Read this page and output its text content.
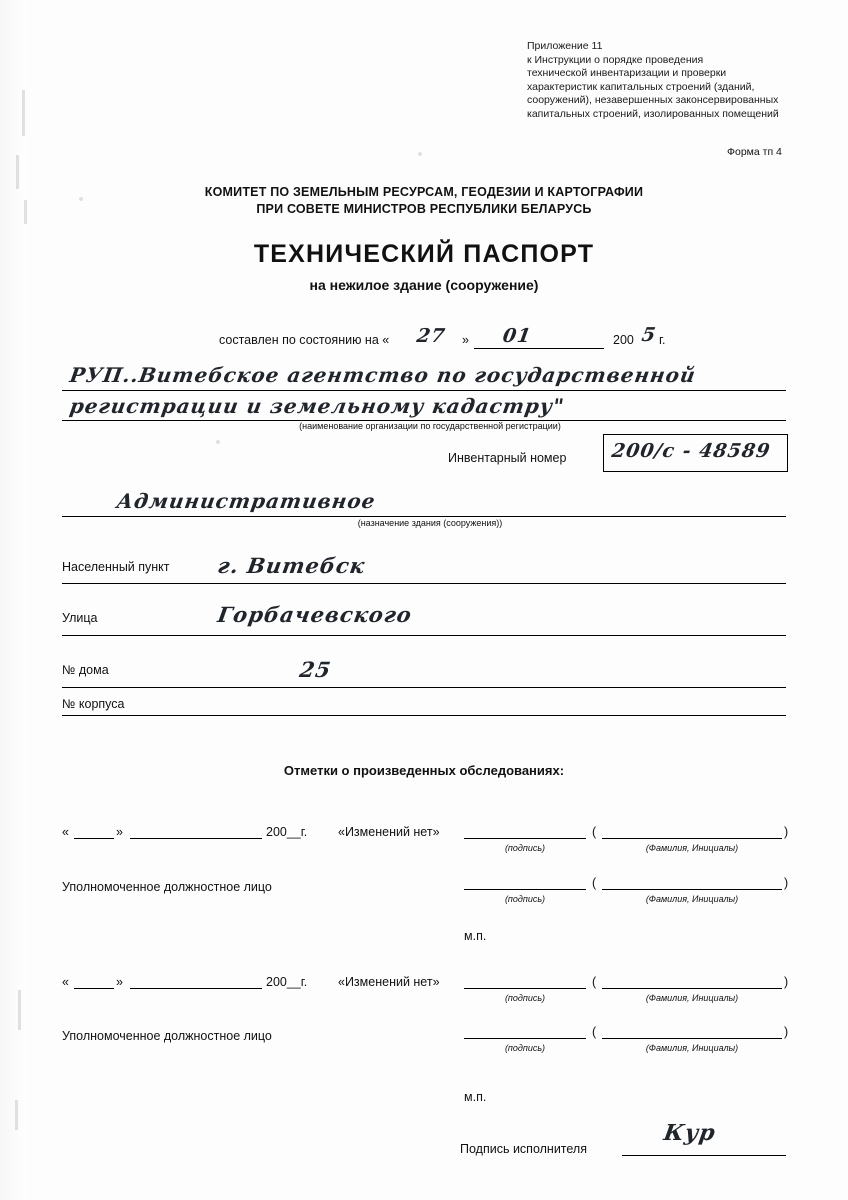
Приложение 11
к Инструкции о порядке проведения
технической инвентаризации и проверки
характеристик капитальных строений (зданий,
сооружений), незавершенных законсервированных
капитальных строений, изолированных помещений
Форма тп 4
КОМИТЕТ ПО ЗЕМЕЛЬНЫМ РЕСУРСАМ, ГЕОДЕЗИИ И КАРТОГРАФИИ
ПРИ СОВЕТЕ МИНИСТРОВ РЕСПУБЛИКИ БЕЛАРУСЬ
ТЕХНИЧЕСКИЙ ПАСПОРТ
на нежилое здание (сооружение)
составлен по состоянию на « 27 » 01	200 5 г.
РУП..Витебское агентство по государственной
регистрации и земельному кадастру"
(наименование организации по государственной регистрации)
Инвентарный номер 200/с - 48589
Административное
(назначение здания (сооружения))
Населенный пункт г. Витебск
Улица	Горбачевского
№ дома	25
№ корпуса
Отметки о произведенных обследованиях:
«	»	200__г. «Изменений нет»	(	)
(подпись)	(Фамилия, Инициалы)
Уполномоченное должностное лицо	(	)
(подпись)	(Фамилия, Инициалы)
м.п.
«	»	200__г. «Изменений нет»	(	)
(подпись)	(Фамилия, Инициалы)
Уполномоченное должностное лицо	(	)
(подпись)	(Фамилия, Инициалы)
м.п.
Подпись исполнителя
Кур
